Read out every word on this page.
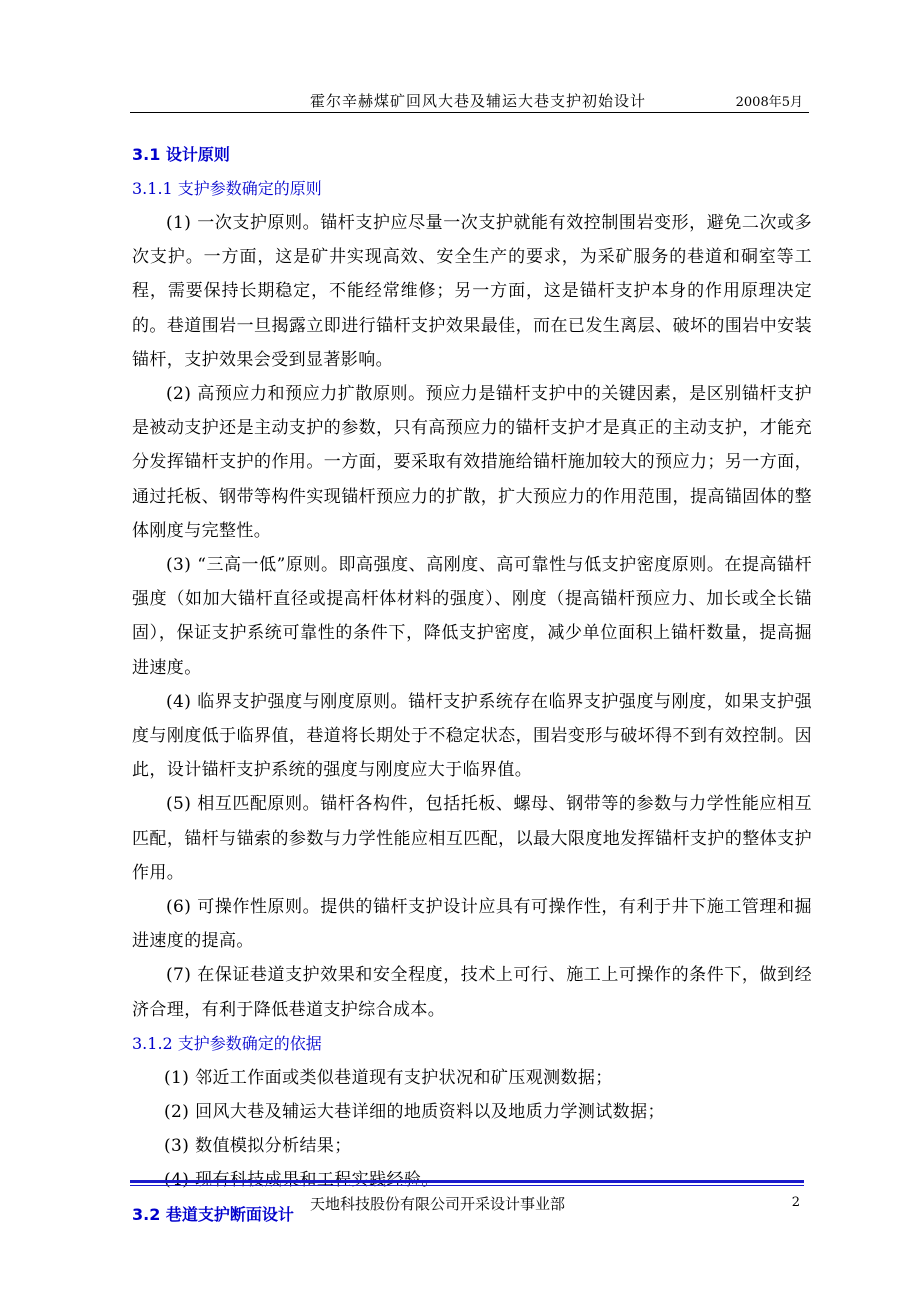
霍尔辛赫煤矿回风大巷及辅运大巷支护初始设计	2008年5月
3.1 设计原则
3.1.1 支护参数确定的原则

(1) 一次支护原则。锚杆支护应尽量一次支护就能有效控制围岩变形，避免二次或多次支护。一方面，这是矿井实现高效、安全生产的要求，为采矿服务的巷道和硐室等工程，需要保持长期稳定，不能经常维修；另一方面，这是锚杆支护本身的作用原理决定的。巷道围岩一旦揭露立即进行锚杆支护效果最佳，而在已发生离层、破坏的围岩中安装锚杆，支护效果会受到显著影响。

(2) 高预应力和预应力扩散原则。预应力是锚杆支护中的关键因素，是区别锚杆支护是被动支护还是主动支护的参数，只有高预应力的锚杆支护才是真正的主动支护，才能充分发挥锚杆支护的作用。一方面，要采取有效措施给锚杆施加较大的预应力；另一方面，通过托板、钢带等构件实现锚杆预应力的扩散，扩大预应力的作用范围，提高锚固体的整体刚度与完整性。

(3) “三高一低”原则。即高强度、高刚度、高可靠性与低支护密度原则。在提高锚杆强度（如加大锚杆直径或提高杆体材料的强度）、刚度（提高锚杆预应力、加长或全长锚固），保证支护系统可靠性的条件下，降低支护密度，减少单位面积上锚杆数量，提高掘进速度。

(4) 临界支护强度与刚度原则。锚杆支护系统存在临界支护强度与刚度，如果支护强度与刚度低于临界值，巷道将长期处于不稳定状态，围岩变形与破坏得不到有效控制。因此，设计锚杆支护系统的强度与刚度应大于临界值。

(5) 相互匹配原则。锚杆各构件，包括托板、螺母、钢带等的参数与力学性能应相互匹配，锚杆与锚索的参数与力学性能应相互匹配，以最大限度地发挥锚杆支护的整体支护作用。

(6) 可操作性原则。提供的锚杆支护设计应具有可操作性，有利于井下施工管理和掘进速度的提高。

(7) 在保证巷道支护效果和安全程度，技术上可行、施工上可操作的条件下，做到经济合理，有利于降低巷道支护综合成本。

3.1.2 支护参数确定的依据

(1) 邻近工作面或类似巷道现有支护状况和矿压观测数据；

(2) 回风大巷及辅运大巷详细的地质资料以及地质力学测试数据；

(3) 数值模拟分析结果；

3.2 巷道支护断面设计
天地科技股份有限公司开采设计事业部	2
